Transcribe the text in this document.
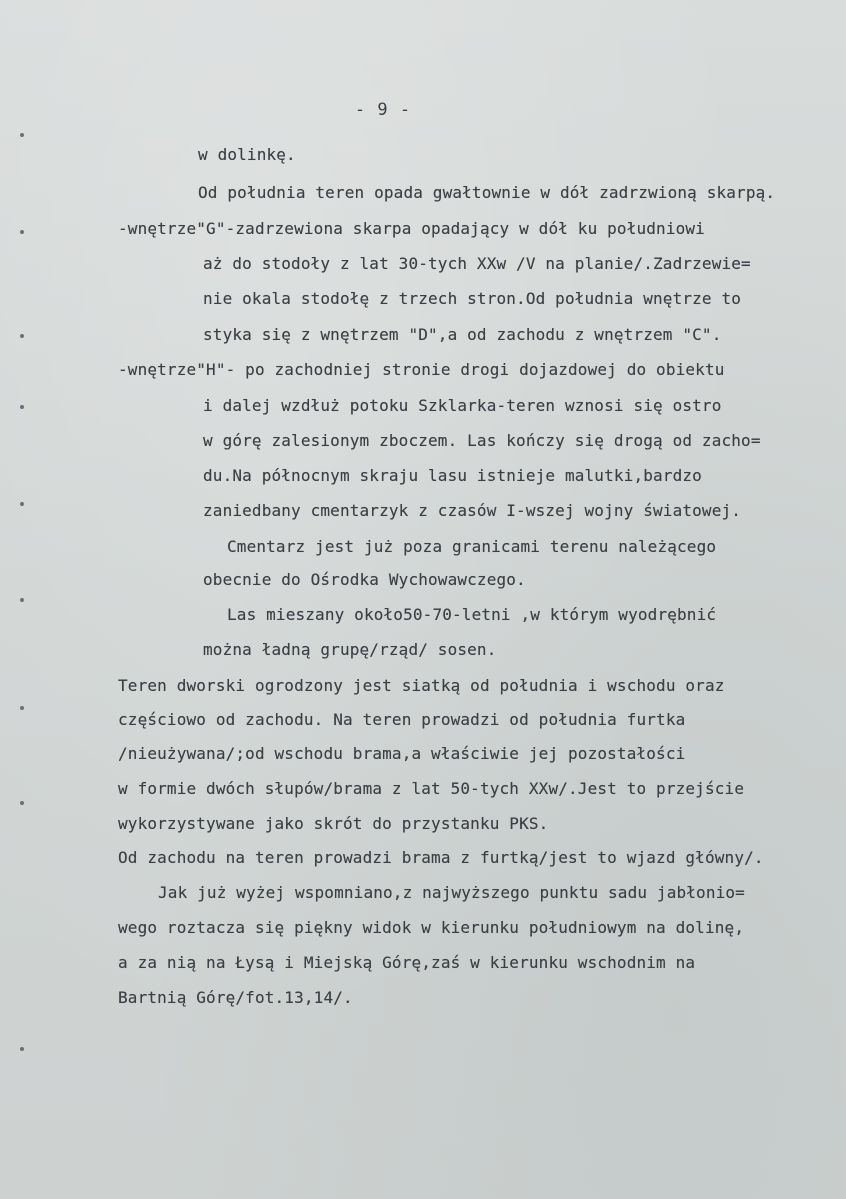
- 9 -
w dolinkę.
Od południa teren opada gwałtownie w dół zadrzwioną skarpą.
-wnętrze"G"-zadrzewiona skarpa opadający w dół ku południowi
aż do stodoły z lat 30-tych XXw /V na planie/.Zadrzewie=
nie okala stodołę z trzech stron.Od południa wnętrze to
styka się z wnętrzem "D",a od zachodu z wnętrzem "C".
-wnętrze"H"- po zachodniej stronie drogi dojazdowej do obiektu
i dalej wzdłuż potoku Szklarka-teren wznosi się ostro
w górę zalesionym zboczem. Las kończy się drogą od zacho=
du.Na północnym skraju lasu istnieje malutki,bardzo
zaniedbany cmentarzyk z czasów I-wszej wojny światowej.
Cmentarz jest już poza granicami terenu należącego
obecnie do Ośrodka Wychowawczego.
Las mieszany około50-70-letni ,w którym wyodrębnić
można ładną grupę/rząd/ sosen.
Teren dworski ogrodzony jest siatką od południa i wschodu oraz
częściowo od zachodu. Na teren prowadzi od południa furtka
/nieużywana/;od wschodu brama,a właściwie jej pozostałości
w formie dwóch słupów/brama z lat 50-tych XXw/.Jest to przejście
wykorzystywane jako skrót do przystanku PKS.
Od zachodu na teren prowadzi brama z furtką/jest to wjazd główny/.
Jak już wyżej wspomniano,z najwyższego punktu sadu jabłonio=
wego roztacza się piękny widok w kierunku południowym na dolinę,
a za nią na Łysą i Miejską Górę,zaś w kierunku wschodnim na
Bartnią Górę/fot.13,14/.
